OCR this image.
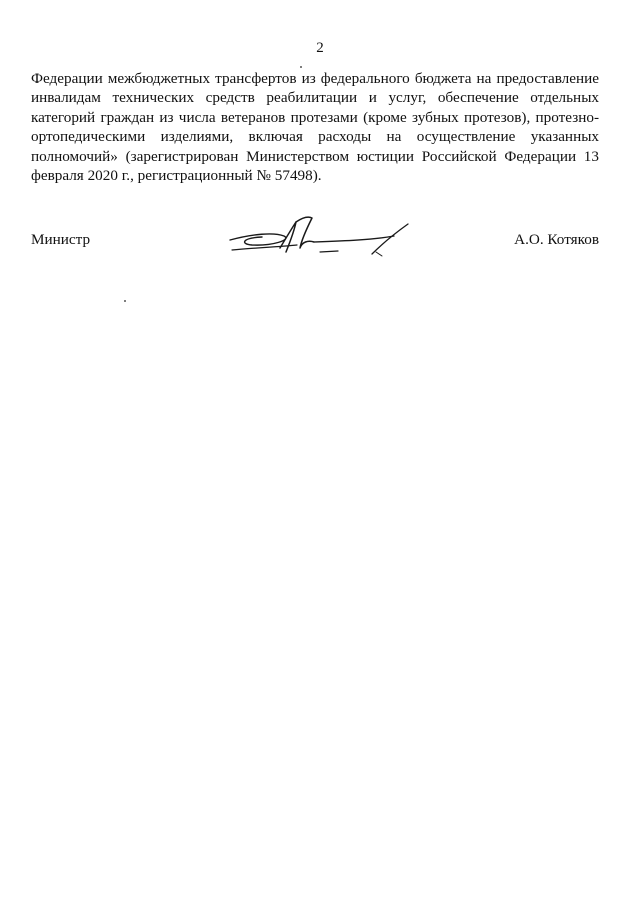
2

Федерации межбюджетных трансфертов из федерального бюджета на предоставление инвалидам технических средств реабилитации и услуг, обеспечение отдельных категорий граждан из числа ветеранов протезами (кроме зубных протезов), протезно-ортопедическими изделиями, включая расходы на осуществление указанных полномочий» (зарегистрирован Министерством юстиции Российской Федерации 13 февраля 2020 г., регистрационный № 57498).

Министр	А.О. Котяков
